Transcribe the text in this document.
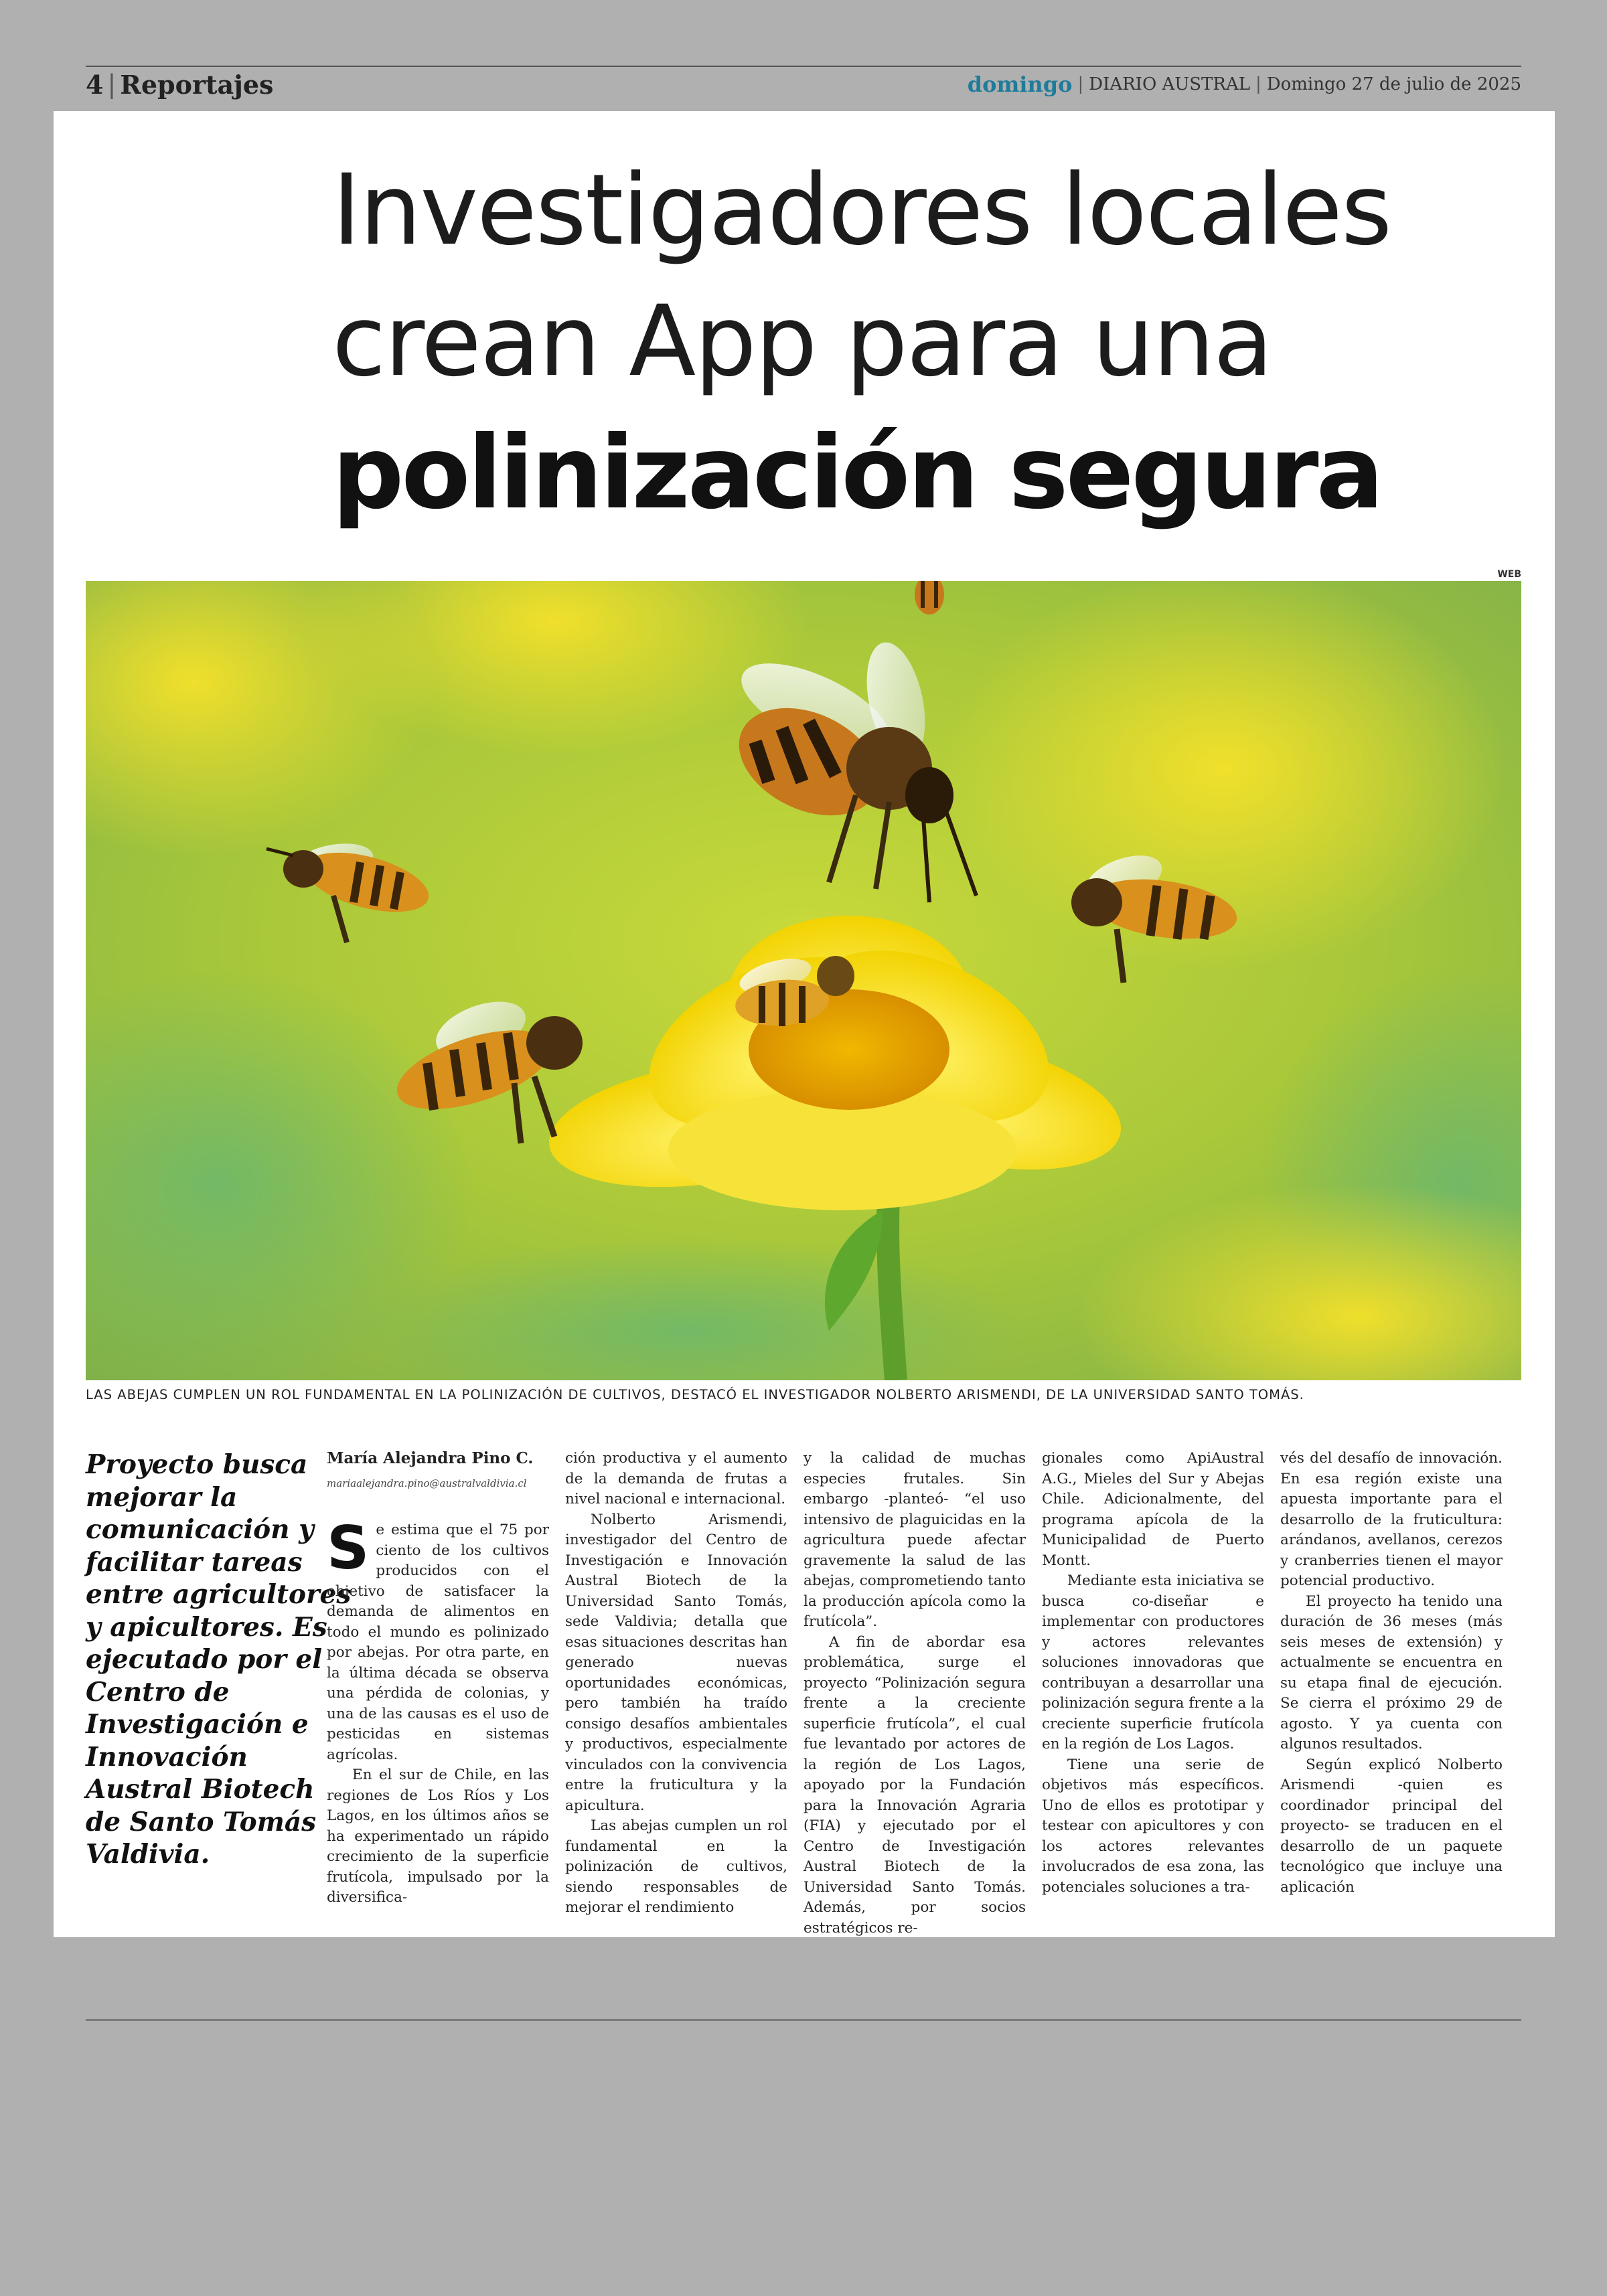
4 | Reportajes	domingo | DIARIO AUSTRAL | Domingo 27 de julio de 2025
Investigadores locales
crean App para una
polinización segura
WEB
LAS ABEJAS CUMPLEN UN ROL FUNDAMENTAL EN LA POLINIZACIÓN DE CULTIVOS, DESTACÓ EL INVESTIGADOR NOLBERTO ARISMENDI, DE LA UNIVERSIDAD SANTO TOMÁS.
Proyecto busca mejorar la comunicación y facilitar tareas entre agricultores y apicultores. Es ejecutado por el Centro de Investigación e Innovación Austral Biotech de Santo Tomás Valdivia.

María Alejandra Pino C.

mariaalejandra.pino@australvaldivia.cl

Se estima que el 75 por ciento de los cultivos producidos con el objetivo de satisfacer la demanda de alimentos en todo el mundo es polinizado por abejas. Por otra parte, en la última década se observa una pérdida de colonias, y una de las causas es el uso de pesticidas en sistemas agrícolas.

En el sur de Chile, en las regiones de Los Ríos y Los Lagos, en los últimos años se ha experimentado un rápido crecimiento de la superficie frutícola, impulsado por la diversifica-

ción productiva y el aumento de la demanda de frutas a nivel nacional e internacional.

Nolberto Arismendi, investigador del Centro de Investigación e Innovación Austral Biotech de la Universidad Santo Tomás, sede Valdivia; detalla que esas situaciones descritas han generado nuevas oportunidades económicas, pero también ha traído consigo desafíos ambientales y productivos, especialmente vinculados con la convivencia entre la fruticultura y la apicultura.

Las abejas cumplen un rol fundamental en la polinización de cultivos, siendo responsables de mejorar el rendimiento

y la calidad de muchas especies frutales. Sin embargo -planteó- “el uso intensivo de plaguicidas en la agricultura puede afectar gravemente la salud de las abejas, comprometiendo tanto la producción apícola como la frutícola”.

A fin de abordar esa problemática, surge el proyecto “Polinización segura frente a la creciente superficie frutícola”, el cual fue levantado por actores de la región de Los Lagos, apoyado por la Fundación para la Innovación Agraria (FIA) y ejecutado por el Centro de Investigación Austral Biotech de la Universidad Santo Tomás. Además, por socios estratégicos re-

gionales como ApiAustral A.G., Mieles del Sur y Abejas Chile. Adicionalmente, del programa apícola de la Municipalidad de Puerto Montt.

Mediante esta iniciativa se busca co-diseñar e implementar con productores y actores relevantes soluciones innovadoras que contribuyan a desarrollar una polinización segura frente a la creciente superficie frutícola en la región de Los Lagos.

Tiene una serie de objetivos más específicos. Uno de ellos es prototipar y testear con apicultores y con los actores relevantes involucrados de esa zona, las potenciales soluciones a tra-

vés del desafío de innovación. En esa región existe una apuesta importante para el desarrollo de la fruticultura: arándanos, avellanos, cerezos y cranberries tienen el mayor potencial productivo.

El proyecto ha tenido una duración de 36 meses (más seis meses de extensión) y actualmente se encuentra en su etapa final de ejecución. Se cierra el próximo 29 de agosto. Y ya cuenta con algunos resultados.

Según explicó Nolberto Arismendi -quien es coordinador principal del proyecto- se traducen en el desarrollo de un paquete tecnológico que incluye una aplicación
